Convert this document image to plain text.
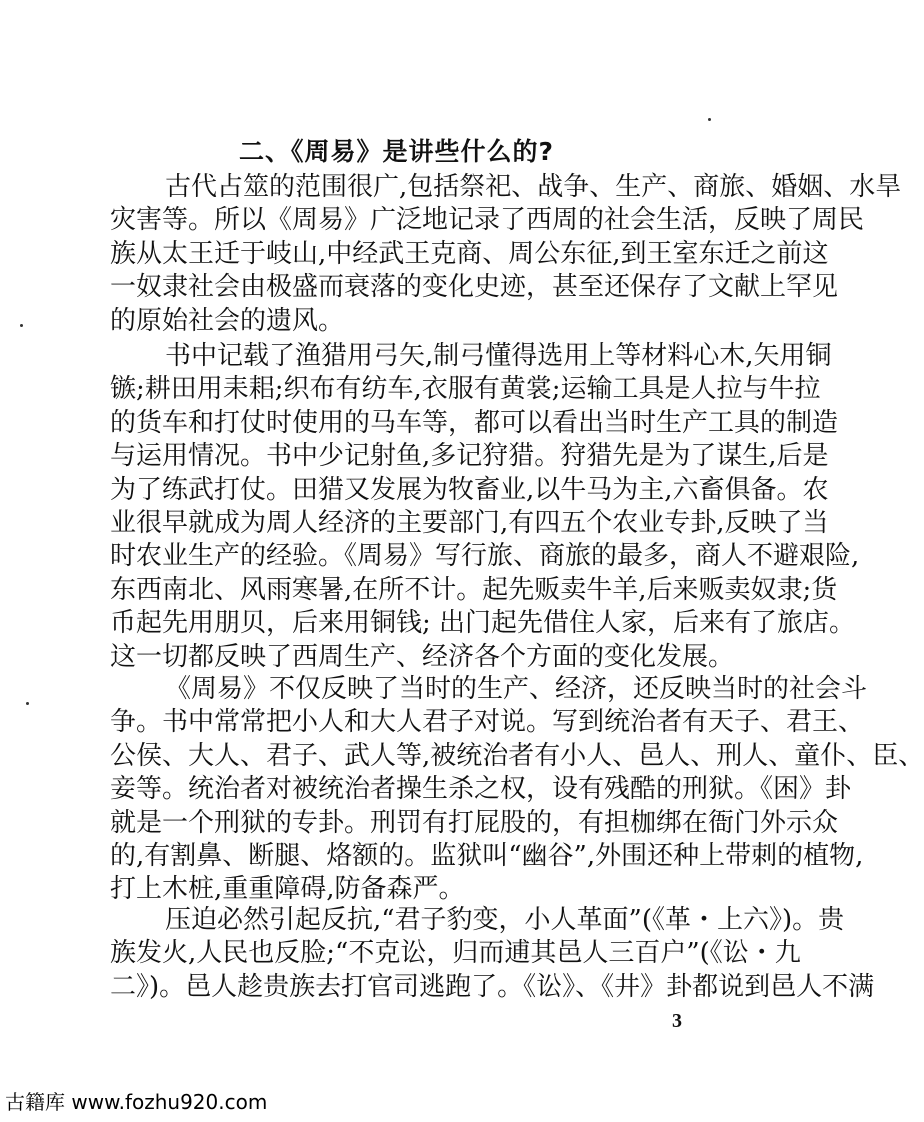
二、《周易》是讲些什么的?
古代占筮的范围很广,包括祭祀、战争、生产、商旅、婚姻、水旱
灾害等。所以《周易》广泛地记录了西周的社会生活，反映了周民
族从太王迁于岐山,中经武王克商、周公东征,到王室东迁之前这
一奴隶社会由极盛而衰落的变化史迹，甚至还保存了文献上罕见
的原始社会的遗风。
书中记载了渔猎用弓矢,制弓懂得选用上等材料心木,矢用铜
镞;耕田用耒耜;织布有纺车,衣服有黄裳;运输工具是人拉与牛拉
的货车和打仗时使用的马车等，都可以看出当时生产工具的制造
与运用情况。书中少记射鱼,多记狩猎。狩猎先是为了谋生,后是
为了练武打仗。田猎又发展为牧畜业,以牛马为主,六畜俱备。农
业很早就成为周人经济的主要部门,有四五个农业专卦,反映了当
时农业生产的经验。《周易》写行旅、商旅的最多，商人不避艰险,
东西南北、风雨寒暑,在所不计。起先贩卖牛羊,后来贩卖奴隶;货
币起先用朋贝，后来用铜钱; 出门起先借住人家，后来有了旅店。
这一切都反映了西周生产、经济各个方面的变化发展。
《周易》不仅反映了当时的生产、经济，还反映当时的社会斗
争。书中常常把小人和大人君子对说。写到统治者有天子、君王、
公侯、大人、君子、武人等,被统治者有小人、邑人、刑人、童仆、臣、
妾等。统治者对被统治者操生杀之权，设有残酷的刑狱。《困》卦
就是一个刑狱的专卦。刑罚有打屁股的，有担枷绑在衙门外示众
的,有割鼻、断腿、烙额的。监狱叫“幽谷”,外围还种上带刺的植物,
打上木桩,重重障碍,防备森严。
压迫必然引起反抗,“君子豹变，小人革面”(《革・上六》)。贵
族发火,人民也反脸;“不克讼，归而逋其邑人三百户”(《讼・九
二》)。邑人趁贵族去打官司逃跑了。《讼》、《井》卦都说到邑人不满
3
古籍库 www.fozhu920.com
